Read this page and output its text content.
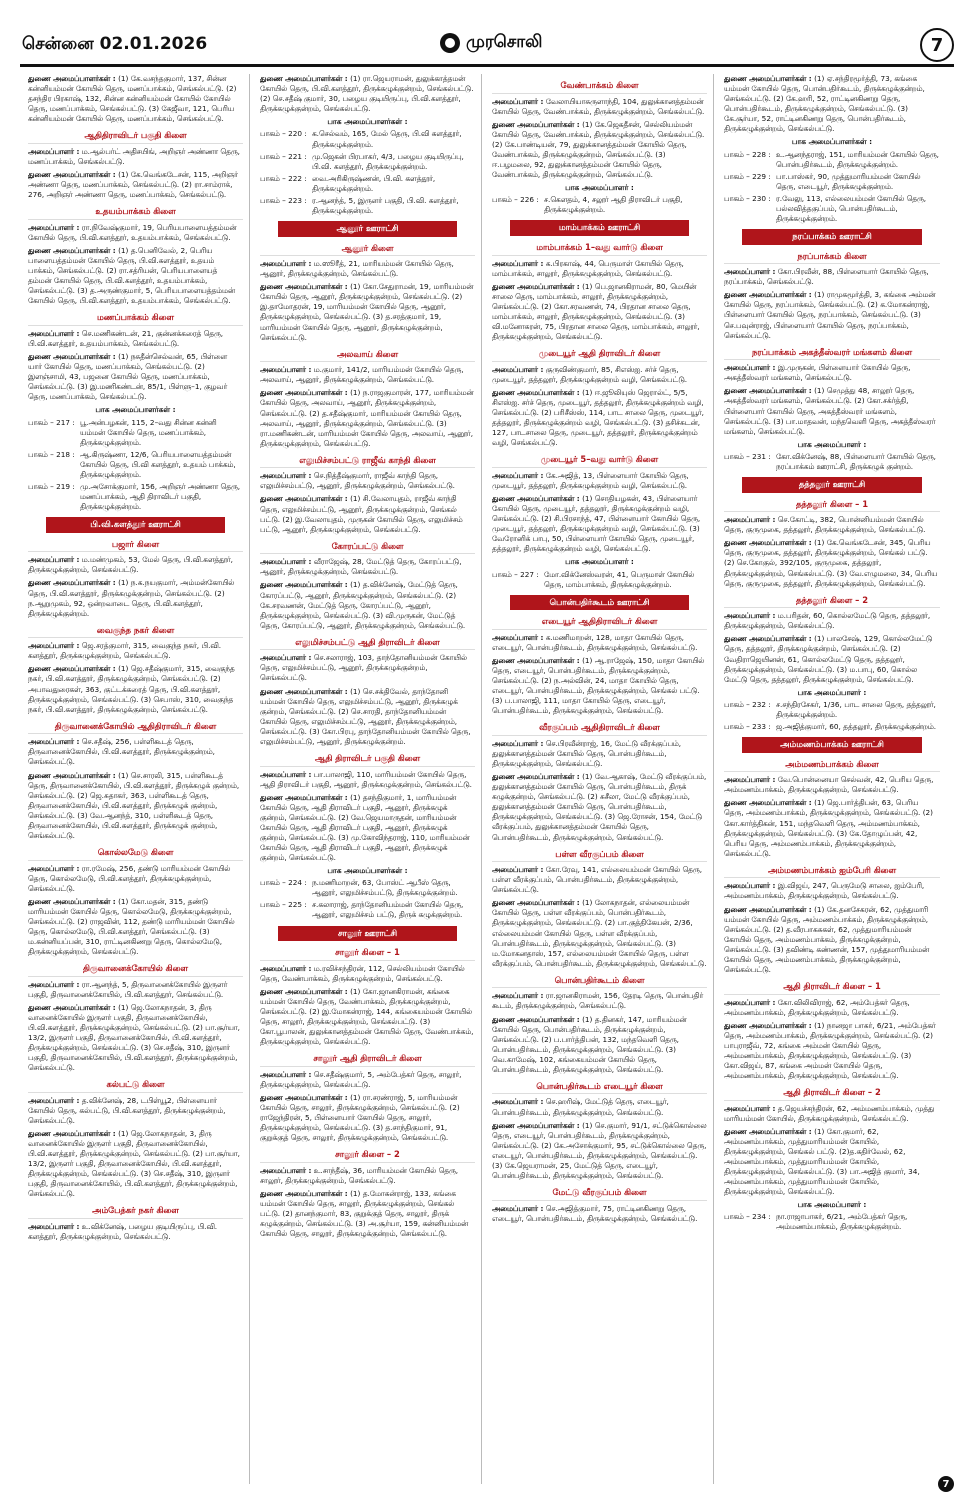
சென்னை 02.01.2026	முரசொலி	7

துணை அமைப்பாளர்கள் : (1) கே.வசந்தகுமார், 137, சின்ன கன்னியம்மன் கோயில் தெரு, மணப்பாக்கம், செங்கல்பட்டு. (2) தசந்திர பிரகாஷ், 132, சின்ன கன்னியம்மன் கோயில் கோயில் தெரு, மணப்பாக்கம், செங்கல்பட்டு. (3) கேஜீவா, 121, பெரிய கன்னியம்மன் கோயில் தெரு, மணப்பாக்கம், செங்கல்பட்டு.

ஆதிதிராவிடர் பகுதி கிளை

அமைப்பாளர் : ம.ஆல்பர்ட் அதிசயிங், அறிஞர் அண்ணா தெரு, மணப்பாக்கம், செங்கல்பட்டு.

துணை அமைப்பாளர்கள் : (1) கே.வெங்கடேசன், 115, அறிஞர் அண்ணா தெரு, மணப்பாக்கம், செங்கல்பட்டு. (2) ரா.சாம்ராக், 276, அறிஞர் அண்ணா தெரு, மணப்பாக்கம், செங்கல்பட்டு.

உதயம்பாக்கம் கிளை

அமைப்பாளர் : ரா.நிவேஷ்குமார், 19, பெரியபாளையத்தம்மன் கோயில் தெரு, பி.வி.களத்தூர், உதயம்பாக்கம், செங்கல்பட்டு.

துணை அமைப்பாளர்கள் : (1) த.பெனிவேல், 2, பெரிய பாளையத்தம்மன் கோயில் தெரு, பி.வி.களத்தூர், உதயம் பாக்கம், செங்கல்பட்டு. (2) ரா.சத்ரியன், பெரியபாளையத் தம்மன் கோயில் தெரு, பி.வி.களத்தூர், உதயம்பாக்கம், செங்கல்பட்டு. (3) த.அருண்குமார், 5, பெரியபாளையத்தம்மன் கோயில் தெரு, பி.வி.களத்தூர், உதயம்பாக்கம், செங்கல்பட்டு.

மணப்பாக்கம் கிளை

அமைப்பாளர் : செ.மணிகண்டன், 21, குன்னக்கரைத் தெரு, பி.வி.களத்தூர், உதயம்பாக்கம், செங்கல்பட்டு.

துணை அமைப்பாளர்கள் : (1) நசுதீன்செல்வன், 65, பிள்ளை யார் கோயில் தெரு, மணப்பாக்கம், செங்கல்பட்டு. (2) இளஞ்சாமி, 43, பஜனை கோயில் தெரு, மணப்பாக்கம், செங்கல்பட்டு. (3) இ.மணிகண்டன், 85/1, பிள்ளு–1, குழவர் தெரு, மணப்பாக்கம், செங்கல்பட்டு.

பாக அமைப்பாளர்கள் :
பாகம் – 217 : பூ.அன்பழகன், 115, 2–வது சின்ன கன்னி யம்மன் கோயில் தெரு, மணப்பாக்கம், திருக்கழுக்குன்றம்.
பாகம் – 218 : ஆ.கிருஷ்ணா, 12/6, பெரியபாளையத்தம்மன் கோயில் தெரு, பி.வி களத்தூர், உதயம் பாக்கம், திருக்கழுக்குன்றம்.
பாகம் – 219 : மு.அசோக்குமார், 156, அறிஞர் அண்ணா தெரு, மணப்பாக்கம், ஆதி திராவிடர் பகுதி, திருக்கழுக்குன்றம்.
பி.வி.களத்தூர் ஊராட்சி
பஜார் கிளை

அமைப்பாளர் : ம.மண்முகம், 53, மேல் தெரு, பி.வி.களத்தூர், திருக்கழுக்குன்றம், செங்கல்பட்டு.

துணை அமைப்பாளர்கள் : (1) ந.க.நயகுமார், அம்மன்கோயில் தெரு, பி.வி.களத்தூர், திருக்கழுக்குன்றம், செங்கல்பட்டு. (2) ந.ஆறுமுகம், 92, ஒன்றவாடை தெரு, பி.வி.களத்தூர், திருக்கழுக்குன்றம்.

வைகுந்த நகர் கிளை

அமைப்பாளர் : ஜெ.சரத்குமார், 315, வைகுந்த நகர், பி.வி. களத்தூர், திருக்கழுக்குன்றம், செங்கல்பட்டு.

துணை அமைப்பாளர்கள் : (1) ஜெ.சதீஷ்குமார், 315, வைகுந்த நகர், பி.வி.களத்தூர், திருக்கழுக்குன்றம், செங்கல்பட்டு. (2) அபாவதுரைகள், 363, குட்டக்கரைத் தெரு, பி.வி.களத்தூர், திருக்கழுக்குன்றம், செங்கல்பட்டு. (3) செபாஸ், 310, வைகுந்த நகர், பி.வி.களத்தூர், திருக்கழுக்குன்றம், செங்கல்பட்டு.

திருவானைக்கோயில் ஆதிதிராவிடர் கிளை

அமைப்பாளர் : செ.சதீஷ், 256, பள்ளிகூடத் தெரு, திருவானைக்கோயில், பி.வி.களத்தூர், திருக்கழுக்குன்றம், செங்கல்பட்டு.

துணை அமைப்பாளர்கள் : (1) செ.சாரலி, 315, பள்ளிகூடத் தெரு, திருவானைக்கோயில், பி.வி.களத்தூர், திருக்கழுக் குன்றம், செங்கல்பட்டு. (2) ஜெ.சுதாகர், 363, பள்ளிகூடத் தெரு, திருவானைக்கோயில், பி.வி.களத்தூர், திருக்கழுக் குன்றம், செங்கல்பட்டு. (3) வே.ஆனந்த், 310, பள்ளிகூடத் தெரு, திருவானைக்கோயில், பி.வி.களத்தூர், திருக்கழுக் குன்றம், செங்கல்பட்டு.

கொல்லமேடு கிளை

அமைப்பாளர் : ரா.ரமேஷ், 256, தண்டு மாரியம்மன் கோயில் தெரு, கொல்லமேடு, பி.வி.களத்தூர், திருக்கழுக்குன்றம், செங்கல்பட்டு.

துணை அமைப்பாளர்கள் : (1) கோ.மதன், 315, தண்டு மாரியம்மன் கோயில் தெரு, கொல்லமேடு, திருக்கழுக்குன்றம், செங்கல்பட்டு. (2) ராஜவின், 112, தண்டு மாரியம்மன் கோயில் தெரு, கொல்லமேடு, பி.வி.களத்தூர், செங்கல்பட்டு. (3) ம.கன்னியப்பன், 310, ராட்டினகிணறு தெரு, கொல்லமேடு, திருக்கழுக்குன்றம், செங்கல்பட்டு.

திருவானைக்கோயில் கிளை

அமைப்பாளர் : ரா.ஆனந்த், 5, திருவானைக்கோயில் இருளர் பகுதி, திருவானைக்கோயில், பி.வி.களத்தூர், செங்கல்பட்டு.

துணை அமைப்பாளர்கள் : (1) ஜெ.லோகநாதன், 3, திரு வானைக்கோயில் இருளர் பகுதி, திருவானைக்கோயில், பி.வி.களத்தூர், திருக்கழுக்குன்றம், செங்கல்பட்டு. (2) பா.சூர்யா, 13/2, இருளர் பகுதி, திருவானைக்கோயில், பி.வி.களத்தூர், திருக்கழுக்குன்றம், செங்கல்பட்டு. (3) செ.சதீஷ், 310, இருளர் பகுதி, திருவானைக்கோயில், பி.வி.களத்தூர், திருக்கழுக்குன்றம், செங்கல்பட்டு.

கல்பட்டு கிளை

அமைப்பாளர் : த.விக்னேஷ், 28, டபிள்யூ2, பிள்ளையார் கோயில் தெரு, கல்பட்டு, பி.வி.களத்தூர், திருக்கழுக்குன்றம், செங்கல்பட்டு.

துணை அமைப்பாளர்கள் : (1) ஜெ.லோகநாதன், 3, திரு வானைக்கோயில் இருளர் பகுதி, திருவானைக்கோயில், பி.வி.களத்தூர், திருக்கழுக்குன்றம், செங்கல்பட்டு. (2) பா.சூர்யா, 13/2, இருளர் பகுதி, திருவானைக்கோயில், பி.வி.களத்தூர், திருக்கழுக்குன்றம், செங்கல்பட்டு. (3) செ.சதீஷ், 310, இருளர் பகுதி, திருவானைக்கோயில், பி.வி.களத்தூர், திருக்கழுக்குன்றம், செங்கல்பட்டு.

அம்பேத்கர் நகர் கிளை

அமைப்பாளர் : உ.விக்னேஷ், பழைய குடியிருப்பு, பி.வி. களத்தூர், திருக்கழுக்குன்றம், செங்கல்பட்டு.

துணை அமைப்பாளர்கள் : (1) ரா.ஜெயராமன், துலுக்காத்தமன் கோயில் தெரு, பி.வி.களத்தூர், திருக்கழுக்குன்றம், செங்கல்பட்டு. (2) செ.சதீஷ் குமார், 30, பழைய குடியிருப்பு, பி.வி.களத்தூர், திருக்கழுக்குன்றம், செங்கல்பட்டு.

பாக அமைப்பாளர்கள் :
பாகம் – 220 : க.செல்வம், 165, மேல் தெரு, பி.வி களத்தூர், திருக்கழுக்குன்றம்.
பாகம் – 221 : மு.ஜெகன் பிரபாகர், 4/3, பழைய குடியிருப்பு, பி.வி. களத்தூர், திருக்கழுக்குன்றம்.
பாகம் – 222 : வை.அரிகிருஷ்ணன், பி.வி. களத்தூர், திருக்கழுக்குன்றம்.
பாகம் – 223 : ர.ஆனந்த், 5, இருளர் பகுதி, பி.வி. களத்தூர், திருக்கழுக்குன்றம்.
ஆனூர் ஊராட்சி
ஆனூர் கிளை

அமைப்பாளர் : ம.ஸூரீத், 21, மாரியம்மன் கோயில் தெரு, ஆனூர், திருக்கழுக்குன்றம், செங்கல்பட்டு.

துணை அமைப்பாளர்கள் : (1) கோ.சேதுராமன், 19, மாரியம்மன் கோயில் தெரு, ஆனூர், திருக்கழுக்குன்றம், செங்கல்பட்டு. (2) இ.தாமோதரன், 19, மாரியம்மன் கோயில் தெரு, ஆனூர், திருக்கழுக்குன்றம், செங்கல்பட்டு. (3) த.சரத்குமார், 19, மாரியம்மன் கோயில் தெரு, ஆனூர், திருக்கழுக்குன்றம், செங்கல்பட்டு.

அலவாய் கிளை

அமைப்பாளர் : ம.குமார், 141/2, மாரியம்மன் கோயில் தெரு, அலவாய், ஆனூர், திருக்கழுக்குன்றம், செங்கல்பட்டு.

துணை அமைப்பாளர்கள் : (1) ந.ராஜகுமாரன், 177, மாரியம்மன் கோயில் தெரு, அலவாய், ஆனூர், திருக்கழுக்குன்றம், செங்கல்பட்டு. (2) த.சதீஷ்குமார், மாரியம்மன் கோயில் தெரு, அலவாய், ஆனூர், திருக்கழுக்குன்றம், செங்கல்பட்டு. (3) ரா.மணிகண்டன், மாரியம்மன் கோயில் தெரு, அலவாய், ஆனூர், திருக்கழுக்குன்றம், செங்கல்பட்டு.

எலுமிச்சம்பட்டு ராஜீவ் காந்தி கிளை

அமைப்பாளர் : செ.நித்தீஷ்குமார், ராஜீவ் காந்தி தெரு, எலுமிச்சம்பட்டு, ஆனூர், திருக்கழுக்குன்றம், செங்கல்பட்டு.

துணை அமைப்பாளர்கள் : (1) சி.வேலாயுதம், ராஜீவ் காந்தி தெரு, எலுமிச்சம்பட்டு, ஆனூர், திருக்கழுக்குன்றம், செங்கல் பட்டு. (2) இ.வேலாயுதம், முருகன் கோயில் தெரு, எலுமிச்சம் பட்டு, ஆனூர், திருக்கழுக்குன்றம், செங்கல்பட்டு.

கோரப்பட்டு கிளை

அமைப்பாளர் : வீராஜேஷ், 28, மேட்டுத் தெரு, கோரப்பட்டு, ஆனூர், திருக்கழுக்குன்றம், செங்கல்பட்டு.

துணை அமைப்பாளர்கள் : (1) த.விக்னேஷ், மேட்டுத் தெரு, கோரப்பட்டு, ஆனூர், திருக்கழுக்குன்றம், செங்கல்பட்டு. (2) கே.சரவணன், மேட்டுத் தெரு, கோரப்பட்டு, ஆனூர், திருக்கழுக்குன்றம், செங்கல்பட்டு. (3) வி.முருகன், மேட்டுத் தெரு, கோரப்பட்டு, ஆனூர், திருக்கழுக்குன்றம், செங்கல்பட்டு.

எலுமிச்சம்பட்டு ஆதி திராவிடர் கிளை

அமைப்பாளர் : செ.சலாராஜ், 103, தாந்தோனியம்மன் கோயில் தெரு, எலுமிச்சம்பட்டு, ஆனூர், திருக்கழுக்குன்றம், செங்கல்பட்டு.

துணை அமைப்பாளர்கள் : (1) செ.சக்திவேல், தாந்தோனி யம்மன் கோயில் தெரு, எலுமிச்சம்பட்டு, ஆனூர், திருக்கழுக் குன்றம், செங்கல்பட்டு. (2) செ.சாரதி, தாந்தோனியம்மன் கோயில் தெரு, எலுமிச்சம்பட்டு, ஆனூர், திருக்கழுக்குன்றம், செங்கல்பட்டு. (3) கோ.பிரபு, தாந்தோனியம்மன் கோயில் தெரு, எலுமிச்சம்பட்டு, ஆனூர், திருக்கழுக்குன்றம்.

ஆதி திராவிடர் பகுதி கிளை

அமைப்பாளர் : பா.பாலாஜி, 110, மாரியம்மன் கோயில் தெரு, ஆதி திராவிடர் பகுதி, ஆனூர், திருக்கழுக்குன்றம், செங்கல்பட்டு.

துணை அமைப்பாளர்கள் : (1) தசந்திகுமார், 1, மாரியம்மன் கோயில் தெரு, ஆதி திராவிடர் பகுதி, ஆனூர், திருக்கழுக் குன்றம், செங்கல்பட்டு. (2) வே.ஜெயமாருதன், மாரியம்மன் கோயில் தெரு, ஆதி திராவிடர் பகுதி, ஆனூர், திருக்கழுக் குன்றம், செங்கல்பட்டு. (3) மு.கோவிந்தராஜ், 110, மாரியம்மன் கோயில் தெரு, ஆதி திராவிடர் பகுதி, ஆனூர், திருக்கழுக் குன்றம், செங்கல்பட்டு.

பாக அமைப்பாளர்கள் :
பாகம் – 224 : ந.மணிமாறன், 63, போஸ்ட் ஆபீஸ் தெரு, ஆனூர், எலுமிச்சம்பட்டு, திருக்கழுக்குன்றம்.
பாகம் – 225 : ச.கலாராஜ், தாந்தோனியம்மன் கோயில் தெரு, ஆனூர், எலுமிச்சம் பட்டு, திருக் கழுக்குன்றம்.
சாலூர் ஊராட்சி
சாலூர் கிளை – 1

அமைப்பாளர் : ம.ரவிச்சந்திரன், 112, செல்லியம்மன் கோயில் தெரு, வேண்பாக்கம், திருக்கழுக்குன்றம், செங்கல்பட்டு.

துணை அமைப்பாளர்கள் : (1) கோ.ஜானகிராமன், கங்கை யம்மன் கோயில் தெரு, வேண்பாக்கம், திருக்கழுக்குன்றம், செங்கல்பட்டு. (2) இ.மோகன்ராஜ், 144, கங்கையம்மன் கோயில் தெரு, சாலூர், திருக்கழுக்குன்றம், செங்கல்பட்டு. (3) கோ.பூபாலன், துலுக்கானத்தம்மன் கோயில் தெரு, வேண்பாக்கம், திருக்கழுக்குன்றம், செங்கல்பட்டு.

சாலூர் ஆதி திராவிடர் கிளை

அமைப்பாளர் : செ.சதீஷ்குமார், 5, அம்பேத்கர் தெரு, சாலூர், திருக்கழுக்குன்றம், செங்கல்பட்டு.

துணை அமைப்பாளர்கள் : (1) ரா.சரண்ராஜ், 5, மாரியம்மன் கோயில் தெரு, சாலூர், திருக்கழுக்குன்றம், செங்கல்பட்டு. (2) ராஜேந்திரன், 5, பிள்ளையார் கோயில் தெரு, சாலூர், திருக்கழுக்குன்றம், செங்கல்பட்டு. (3) த.சாந்திகுமார், 91, குறுக்குத் தெரு, சாலூர், திருக்கழுக்குன்றம், செங்கல்பட்டு.

சாலூர் கிளை – 2

அமைப்பாளர் : உ.சாந்தீஷ், 36, மாரியம்மன் கோயில் தெரு, சாலூர், திருக்கழுக்குன்றம், செங்கல்பட்டு.

துணை அமைப்பாளர்கள் : (1) த.மோகன்ராஜ், 133, கங்கை யம்மன் கோயில் தெரு, சாலூர், திருக்கழுக்குன்றம், செங்கல் பட்டு. (2) தானந்குமார், 83, குறுக்குத் தெரு, சாலூர், திருக் கழுக்குன்றம், செங்கல்பட்டு. (3) அ.சூர்யா, 159, கன்னியம்மன் கோயில் தெரு, சாலூர், திருக்கழுக்குன்றம், செங்கல்பட்டு.

வேண்பாக்கம் கிளை

அமைப்பாளர் : வேலாயியாசுருளாந்தி, 104, துலுக்கானத்தம்மன் கோயில் தெரு, வேண்பாக்கம், திருக்கழுக்குன்றம், செங்கல்பட்டு.

துணை அமைப்பாளர்கள் : (1) கே.ஜெகதீசன், செல்லியம்மன் கோயில் தெரு, வேண்பாக்கம், திருக்கழுக்குன்றம், செங்கல்பட்டு. (2) கே.பாண்டியன், 79, துலுக்கானத்தம்மன் கோயில் தெரு, வேண்பாக்கம், திருக்கழுக்குன்றம், செங்கல்பட்டு. (3) ஈ.பழமலை, 92, துலுக்கானத்தம்மன் கோயில் தெரு, வேண்பாக்கம், திருக்கழுக்குன்றம், செங்கல்பட்டு.

பாக அமைப்பாளர் :
பாகம் – 226 : ச.கௌதம், 4, சலூர் ஆதி திராவிடர் பகுதி, திருக்கழுக்குன்றம்.
மாம்பாக்கம் ஊராட்சி
மாம்பாக்கம் 1–வது வார்டு கிளை

அமைப்பாளர் : க.பிரகாஷ், 44, பெருமாள் கோயில் தெரு, மாம்பாக்கம், சாலூர், திருக்கழுக்குன்றம், செங்கல்பட்டு.

துணை அமைப்பாளர்கள் : (1) பெ.ஜானகிராமன், 80, மெயின் சாலை தெரு, மாம்பாக்கம், சாலூர், திருக்கழுக்குன்றம், செங்கல்பட்டு. (2) கோ.சரவணன், 74, பிரதான சாலை தெரு, மாம்பாக்கம், சாலூர், திருக்கழுக்குன்றம், செங்கல்பட்டு. (3) வி.மனோகரன், 75, பிரதான சாலை தெரு, மாம்பாக்கம், சாலூர், திருக்கழுக்குன்றம், செங்கல்பட்டு.

முடையூர் ஆதி திராவிடர் கிளை

அமைப்பாளர் : குருவிண்குமார், 85, சிஎஸ்ஐ. சர்ச் தெரு, முடையூர், தத்தலூர், திருக்கழுக்குன்றம் வழி, செங்கல்பட்டு.

துணை அமைப்பாளர்கள் : (1) ஈ.ஜூலியுஸ் ஜெரால்ட், 5/5, சிஎஸ்ஐ. சர்ச் தெரு, முடையூர், தத்தலூர், திருக்கழுக்குன்றம் வழி, செங்கல்பட்டு. (2) பரிசீஸ்ஸ், 114, பாட சாலை தெரு, முடையூர், தத்தலூர், திருக்கழுக்குன்றம் வழி, செங்கல்பட்டு. (3) தசிச்சுடன், 127, பாடசாலை தெரு, முடையூர், தத்தலூர், திருக்கழுக்குன்றம் வழி, செங்கல்பட்டு.

முடையூர் 5–வது வார்டு கிளை

அமைப்பாளர் : கே.அஜித், 13, பிள்ளையார் கோயில் தெரு, முடையூர், தத்தலூர், திருக்கழுக்குன்றம் வழி, செங்கல்பட்டு.

துணை அமைப்பாளர்கள் : (1) சொதியழகன், 43, பிள்ளையார் கோயில் தெரு, முடையூர், தத்தலூர், திருக்கழுக்குன்றம் வழி, செங்கல்பட்டு. (2) சி.பிரசாந்த், 47, பிள்ளையார் கோயில் தெரு, முடையூர், தத்தலூர், திருக்கழுக்குன்றம் வழி, செங்கல்பட்டு. (3) வேரோனிக் பாபு, 50, பிள்ளையார் கோயில் தெரு, முடையூர், தத்தலூர், திருக்கழுக்குன்றம் வழி, செங்கல்பட்டு.

பாக அமைப்பாளர் :
பாகம் – 227 : மோ.விக்னேஸ்வரன், 41, பெருமாள் கோயில் தெரு, மாம்பாக்கம், திருக்கழுக்குன்றம்.
பொன்பதிர்கூடம் ஊராட்சி
எடையூர் ஆதிதிராவிடர் கிளை

அமைப்பாளர் : க.மணிமாறன், 128, மாதா கோயில் தெரு, எடையூர், பொன்பதிர்கூடம், திருக்கழுக்குன்றம், செங்கல்பட்டு.

துணை அமைப்பாளர்கள் : (1) ஆ.ராஜேஷ், 150, மாதா கோயில் தெரு, எடையூர், பொன்பதிர்கூடம், திருக்கழுக்குன்றம், செங்கல்பட்டு. (2) ந.அல்வின், 24, மாதா கோயில் தெரு, எடையூர், பொன்பதிர்கூடம், திருக்கழுக்குன்றம், செங்கல் பட்டு. (3) ப.பாலாஜி, 111, மாதா கோயில் தெரு, எடையூர், பொன்பதிர்கூடம், திருக்கழுக்குன்றம், செங்கல்பட்டு.

வீரகுப்பம் ஆதிதிராவிடர் கிளை

அமைப்பாளர் : செ.பிரவீன்ராஜ், 16, மேட்டு வீரக்குப்பம், துலுக்கானத்தம்மன் கோயில் தெரு, பொன்பதிர்கூடம், திருக்கழுக்குன்றம், செங்கல்பட்டு.

துணை அமைப்பாளர்கள் : (1) வே.ஆகாஷ், மேட்டு வீரக்குப்பம், துலுக்கானத்தம்மன் கோயில் தெரு, பொன்பதிர்கூடம், திருக் கழுக்குன்றம், செங்கல்பட்டு. (2) சுசீலா, மேட்டு வீரக்குப்பம், துலுக்கானத்தம்மன் கோயில் தெரு, பொன்பதிர்கூடம், திருக்கழுக்குன்றம், செங்கல்பட்டு. (3) ஜெ.ரோசன், 154, மேட்டு வீரக்குப்பம், துலுக்கானத்தம்மன் கோயில் தெரு, பொன்பதிர்கூடம், திருக்கழுக்குன்றம், செங்கல்பட்டு.

பள்ள வீரகுப்பம் கிளை

அமைப்பாளர் : கோ.ரேவு, 141, எல்லையம்மன் கோயில் தெரு, பள்ள வீரக்குப்பம், பொன்பதிர்கூடம், திருக்கழுக்குன்றம், செங்கல்பட்டு.

துணை அமைப்பாளர்கள் : (1) லோகநாதன், எல்லையம்மன் கோயில் தெரு, பள்ள வீரக்குப்பம், பொன்பதிர்கூடம், திருக்கழுக்குன்றம், செங்கல்பட்டு. (2) பா.குத்திகேயன், 2/36, எல்லையம்மன் கோயில் தெரு, பள்ள வீரக்குப்பம், பொன்பதிர்கூடம், திருக்கழுக்குன்றம், செங்கல்பட்டு. (3) ம.மோகனதாஸ், 157, எல்லையம்மன் கோயில் தெரு, பள்ள வீரக்குப்பம், பொன்பதிர்கூடம், திருக்கழுக்குன்றம், செங்கல்பட்டு.

பொன்பதிர்கூடம் கிளை

அமைப்பாளர் : ரா.ஜானகிராமன், 156, தேரடி தெரு, பொன்பதிர் கூடம், திருக்கழுக்குன்றம், செங்கல்பட்டு.

துணை அமைப்பாளர்கள் : (1) த.தினகர், 147, மாரியம்மன் கோயில் தெரு, பொன்பதிர்கூடம், திருக்கழுக்குன்றம், செங்கல்பட்டு. (2) ப.பார்த்திபன், 132, மந்தவெளி தெரு, பொன்பதிர்கூடம், திருக்கழுக்குன்றம், செங்கல்பட்டு. (3) வெ.காமேஷ், 102, கங்கையம்மன் கோயில் தெரு, பொன்பதிர்கூடம், திருக்கழுக்குன்றம், செங்கல்பட்டு.

பொன்பதிர்கூடம் எடையூர் கிளை

அமைப்பாளர் : செ.ஹரிஷ், மேட்டுத் தெரு, எடையூர், பொன்பதிர்கூடம், திருக்கழுக்குன்றம், செங்கல்பட்டு.

துணை அமைப்பாளர்கள் : (1) செ.குமார், 91/1, சட்டுக்கொல்லை தெரு, எடையூர், பொன்பதிர்கூடம், திருக்கழுக்குன்றம், செங்கல்பட்டு. (2) கே.அசோக்குமார், 95, சட்டுக்கொல்லை தெரு, எடையூர், பொன்பதிர்கூடம், திருக்கழுக்குன்றம், செங்கல்பட்டு. (3) கே.ஜெயராமன், 25, மேட்டுத் தெரு, எடையூர், பொன்பதிர்கூடம், திருக்கழுக்குன்றம், செங்கல்பட்டு.

மேட்டு வீரகுப்பம் கிளை

அமைப்பாளர் : செ.அஜித்குமார், 75, ராட்டினகிணறு தெரு, எடையூர், பொன்பதிர்கூடம், திருக்கழுக்குன்றம், செங்கல்பட்டு.

துணை அமைப்பாளர்கள் : (1) ஏ.சந்திரமூர்த்தி, 73, கங்கை யம்மன் கோயில் தெரு, பொன்பதிர்கூடம், திருக்கழுக்குன்றம், செங்கல்பட்டு. (2) கே.ஹரி, 52, ராட்டினகிணறு தெரு, பொன்பதிர்கூடம், திருக்கழுக்குன்றம், செங்கல்பட்டு. (3) கே.சூர்யா, 52, ராட்டினகிணறு தெரு, பொன்பதிர்கூடம், திருக்கழுக்குன்றம், செங்கல்பட்டு.

பாக அமைப்பாளர்கள் :
பாகம் – 228 : உ.ஆனந்தராஜ், 151, மாரியம்மன் கோயில் தெரு, பொன்பதிர்கூடம், திருக்கழுக்குன்றம்.
பாகம் – 229 : பா.பாஸ்கர், 90, முத்துமாரியம்மன் கோயில் தெரு, எடையூர், திருக்கழுக்குன்றம்.
பாகம் – 230 : ர.வேலு, 113, எல்லையம்மன் கோயில் தெரு, பல்லவித்தகுப்பம், பொன்பதிர்கூடம், திருக்கழுக்குன்றம்.
நரப்பாக்கம் ஊராட்சி
நரப்பாக்கம் கிளை

அமைப்பாளர் : கோ.பிரவீன், 88, பிள்ளையார் கோயில் தெரு, நரப்பாக்கம், செங்கல்பட்டு.

துணை அமைப்பாளர்கள் : (1) ராமுகமூர்த்தி, 3, கங்கை அம்மன் கோயில் தெரு, நரப்பாக்கம், செங்கல்பட்டு. (2) க.மோகன்ராஜ், பிள்ளையார் கோயில் தெரு, நரப்பாக்கம், செங்கல்பட்டு. (3) செ.பவுன்ராஜ், பிள்ளையார் கோயில் தெரு, நரப்பாக்கம், செங்கல்பட்டு.

நரப்பாக்கம் அகத்தீஸ்வரர் மங்களம் கிளை

அமைப்பாளர் : இ.முருகன், பிள்ளையார் கோயில் தெரு, அகத்தீஸ்வரர் மங்களம், செங்கல்பட்டு.

துணை அமைப்பாளர்கள் : (1) செமுத்து 48, சாலூர் தெரு, அகத்தீஸ்வரர் மங்களம், செங்கல்பட்டு. (2) கோ.சக்ர்த்தி, பிள்ளையார் கோயில் தெரு, அகத்தீஸ்வரர் மங்களம், செங்கல்பட்டு. (3) பா.மாதவன், மந்தவெளி தெரு, அகத்தீஸ்வரர் மங்களம், செங்கல்பட்டு.

பாக அமைப்பாளர் :
பாகம் – 231 : கோ.விக்னேஷ், 88, பிள்ளையார் கோயில் தெரு, நரப்பாக்கம் ஊராட்சி, திருக்கழுக் குன்றம்.
தத்தலூர் ஊராட்சி
தத்தலூர் கிளை – 1

அமைப்பாளர் : செ.கோட்டி, 382, பொன்னியம்மன் கோயில் தெரு, குருமுகை, தத்தலூர், திருக்கழுக்குன்றம், செங்கல்பட்டு.

துணை அமைப்பாளர்கள் : (1) கே.வெங்கடேசன், 345, பெரிய தெரு, குருமுகை, தத்தலூர், திருக்கழுக்குன்றம், செங்கல் பட்டு. (2) செ.கோகுல், 392/105, குருமுகை, தத்தலூர், திருக்கழுக்குன்றம், செங்கல்பட்டு. (3) வே.எழுமலை, 34, பெரிய தெரு, குருமுகை, தத்தலூர், திருக்கழுக்குன்றம், செங்கல்பட்டு.

தத்தலூர் கிளை – 2

அமைப்பாளர் : ம.பரிதன், 60, கொல்லமேட்டு தெரு, தத்தலூர், திருக்கழுக்குன்றம், செங்கல்பட்டு.

துணை அமைப்பாளர்கள் : (1) பாலசேஷ், 129, கொல்லமேட்டு தெரு, தத்தலூர், திருக்கழுக்குன்றம், செங்கல்பட்டு. (2) வேதிராஜெயினன், 61, கொல்லமேட்டு தெரு, தத்தலூர், திருக்கழுக்குன்றம், செங்கல்பட்டு. (3) ம.பாபு, 60, கொல்ல மேட்டு தெரு, தத்தலூர், திருக்கழுக்குன்றம், செங்கல்பட்டு.

பாக அமைப்பாளர் :
பாகம் – 232 : ச.சந்திரசேகர், 1/36, பாட சாலை தெரு, தத்தலூர், திருக்கழுக்குன்றம்.
பாகம் – 233 : ஜ.அஜித்குமார், 60, தத்தலூர், திருக்கழுக்குன்றம்.
அம்மணம்பாக்கம் ஊராட்சி
அம்மணம்பாக்கம் கிளை

அமைப்பாளர் : வே.பொன்னையா செல்வன், 42, பெரிய தெரு, அம்மணம்பாக்கம், திருக்கழுக்குன்றம், செங்கல்பட்டு.

துணை அமைப்பாளர்கள் : (1) ஜெ.பார்த்திபன், 63, பெரிய தெரு, அம்மணம்பாக்கம், திருக்கழுக்குன்றம், செங்கல்பட்டு. (2) கோ.கார்த்திகன், 151, மந்தவெளி தெரு, அம்மணம்பாக்கம், திருக்கழுக்குன்றம், செங்கல்பட்டு. (3) கே.தோழுப்பன், 42, பெரிய தெரு, அம்மணம்பாக்கம், திருக்கழுக்குன்றம், செங்கல்பட்டு.

அம்மணம்பாக்கம் ஐம்பேரி கிளை

அமைப்பாளர் : இ.விஜய், 247, பெருமேடு சாலை, ஐம்பேரி, அம்மணம்பாக்கம், திருக்கழுக்குன்றம், செங்கல்பட்டு.

துணை அமைப்பாளர்கள் : (1) கே.தனசேகரன், 62, முத்துமாரி யம்மன் கோயில் தெரு, அம்மணம்பாக்கம், திருக்கழுக்குன்றம், செங்கல்பட்டு. (2) த.வீரபாகசுகள், 62, முத்துமாரியம்மன் கோயில் தெரு, அம்மணம்பாக்கம், திருக்கழுக்குன்றம், செங்கல்பட்டு. (3) தவிண்டி கண்ணன், 157, முத்துமாரியம்மன் கோயில் தெரு, அம்மணம்பாக்கம், திருக்கழுக்குன்றம், செங்கல்பட்டு.

ஆதி திராவிடர் கிளை – 1

அமைப்பாளர் : கோ.விலிவிராஜ், 62, அம்பேத்கர் தெரு, அம்மணம்பாக்கம், திருக்கழுக்குன்றம், செங்கல்பட்டு.

துணை அமைப்பாளர்கள் : (1) நானஜா பாகர், 6/21, அம்பேத்கர் தெரு, அம்மணம்பாக்கம், திருக்கழுக்குன்றம், செங்கல்பட்டு. (2) பாபுராஜீவ், 72, கங்கை அம்மன் கோயில் தெரு, அம்மணம்பாக்கம், திருக்கழுக்குன்றம், செங்கல்பட்டு. (3) கோ.விஜய், 87, கங்கை அம்மன் கோயில் தெரு, அம்மணம்பாக்கம், திருக்கழுக்குன்றம், செங்கல்பட்டு.

ஆதி திராவிடர் கிளை – 2

அமைப்பாளர் : த.ஜெயச்சந்திரன், 62, அம்மணம்பாக்கம், முத்து மாரியம்மன் கோயில், திருக்கழுக்குன்றம், செங்கல்பட்டு.

துணை அமைப்பாளர்கள் : (1) கோ.குமார், 62, அம்மணம்பாக்கம், முத்துமாரியம்மன் கோயில், திருக்கழுக்குன்றம், செங்கல் பட்டு. (2)த.கதிர்வேல், 62, அம்மணம்பாக்கம், முத்துமாரியம்மன் கோயில், திருக்கழுக்குன்றம், செங்கல்பட்டு. (3) பா.அஜித் குமார், 34, அம்மணம்பாக்கம், முத்துமாரியம்மன் கோயில், திருக்கழுக்குன்றம், செங்கல்பட்டு.

பாக அமைப்பாளர் :
பாகம் – 234 : நா.ராஜாபாகர், 6/21, அம்பேத்கர் தெரு, அம்மணம்பாக்கம், திருக்கழுக்குன்றம்.
7
